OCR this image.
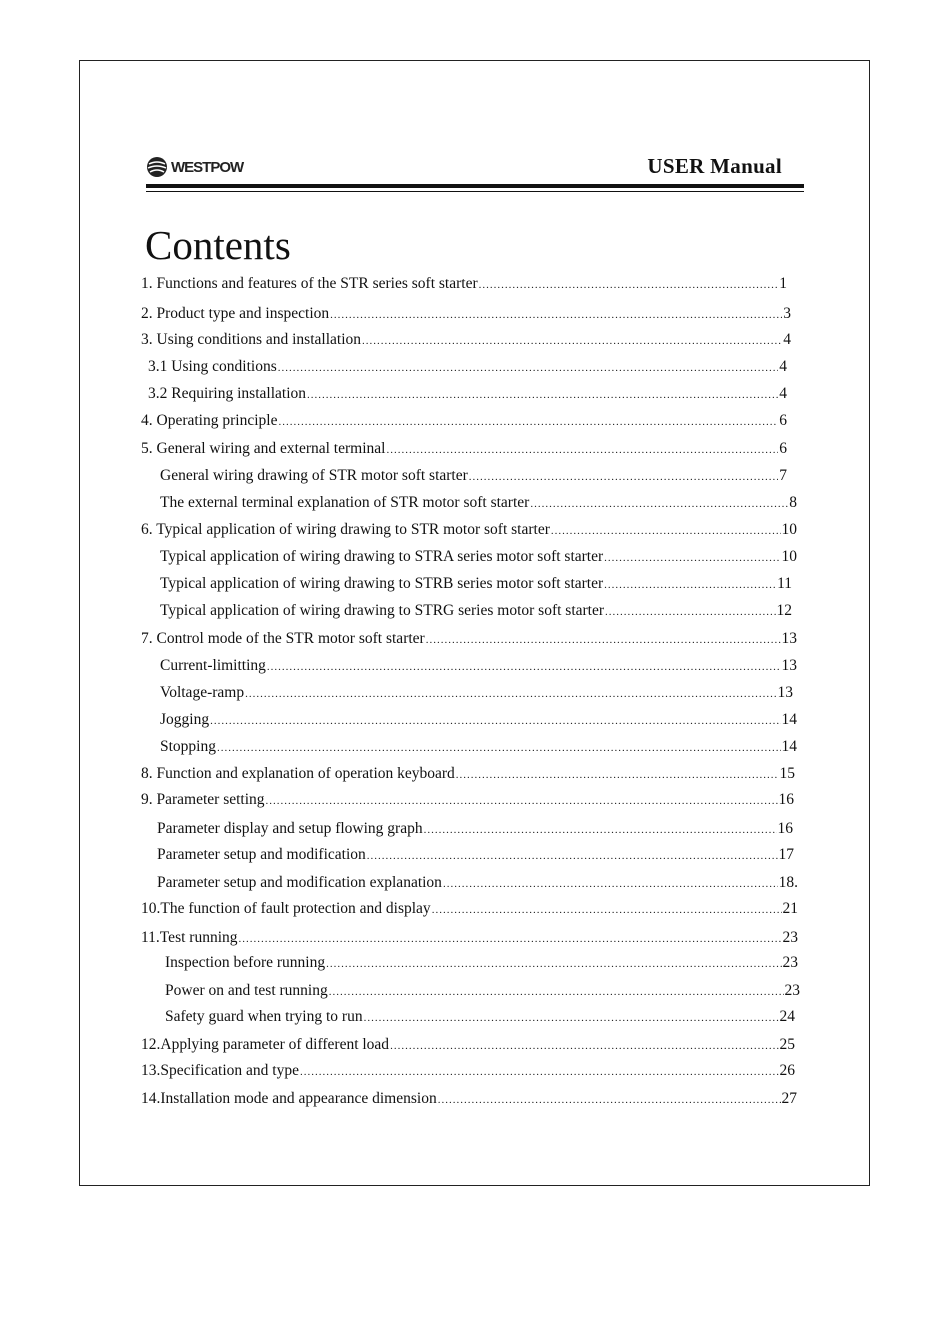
WESTPOW	USER Manual
Contents
1. Functions and features of the STR series soft starter .....	1
2. Product type and inspection .....	3
3. Using conditions and installation .....	4
3.1 Using conditions .....	4
3.2 Requiring installation .....	4
4. Operating principle .....	6
5. General wiring and external terminal .....	6
General wiring drawing of STR motor soft starter .....	7
The external terminal explanation of STR motor soft starter .....	8
6. Typical application of wiring drawing to STR motor soft starter .....	10
Typical application of wiring drawing to STRA series motor soft starter .....	10
Typical application of wiring drawing to STRB series motor soft starter .....	11
Typical application of wiring drawing to STRG series motor soft starter .....	12
7. Control mode of the STR motor soft starter .....	13
Current-limitting .....	13
Voltage-ramp .....	13
Jogging .....	14
Stopping .....	14
8. Function and explanation of operation keyboard .....	15
9. Parameter setting .....	16
Parameter display and setup flowing graph .....	16
Parameter setup and modification .....	17
Parameter setup and modification explanation .....	18.
10.The function of fault protection and display .....	21
11.Test running .....	23
Inspection before running .....	23
Power on and test running .....	23
Safety guard when trying to run .....	24
12.Applying parameter of different load .....	25
13.Specification and type .....	26
14.Installation mode and appearance dimension .....	27
